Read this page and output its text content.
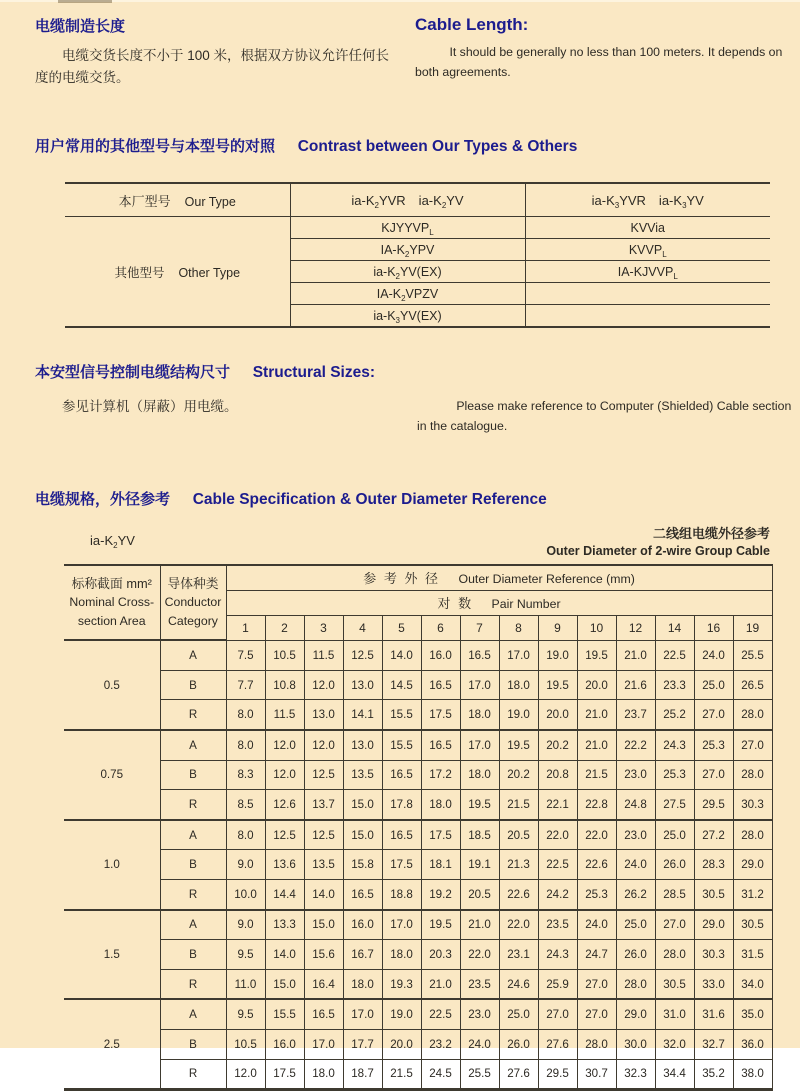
电缆制造长度

电缆交货长度不小于 100 米，根据双方协议允许任何长度的电缆交货。

Cable Length:

It should be generally no less than 100 meters. It depends on both agreements.

用户常用的其他型号与本型号的对照 Contrast between Our Types & Others
本厂型号 Our Type	$ia-K_2YVR$  $ia-K_2YV$	$ia-K_3YVR$  $ia-K_3YV$
其他型号 Other Type	$KJYYVP_L$	KVVia
	$IA-K_2YPV$	$KVVP_L$
	$ia-K_2YV(EX)$	$IA-KJVVP_L$
	$IA-K_2VPZV$	
	$ia-K_3YV(EX)$	
本安型信号控制电缆结构尺寸 Structural Sizes:

参见计算机（屏蔽）用电缆。	Please make reference to Computer (Shielded) Cable section in the catalogue.

电缆规格，外径参考 Cable Specification & Outer Diameter Reference
$ia-K_2YV$	二线组电缆外径参考
Outer Diameter of 2-wire Group Cable
标称截面 mm²
Nominal Cross-
section Area	导体种类
Conductor
Category	参 考 外 径 Outer Diameter Reference (mm)													
		对 数 Pair Number													
		1	2	3	4	5	6	7	8	9	10	12	14	16	19
0.5	A	7.5	10.5	11.5	12.5	14.0	16.0	16.5	17.0	19.0	19.5	21.0	22.5	24.0	25.5
	B	7.7	10.8	12.0	13.0	14.5	16.5	17.0	18.0	19.5	20.0	21.6	23.3	25.0	26.5
	R	8.0	11.5	13.0	14.1	15.5	17.5	18.0	19.0	20.0	21.0	23.7	25.2	27.0	28.0
0.75	A	8.0	12.0	12.0	13.0	15.5	16.5	17.0	19.5	20.2	21.0	22.2	24.3	25.3	27.0
	B	8.3	12.0	12.5	13.5	16.5	17.2	18.0	20.2	20.8	21.5	23.0	25.3	27.0	28.0
	R	8.5	12.6	13.7	15.0	17.8	18.0	19.5	21.5	22.1	22.8	24.8	27.5	29.5	30.3
1.0	A	8.0	12.5	12.5	15.0	16.5	17.5	18.5	20.5	22.0	22.0	23.0	25.0	27.2	28.0
	B	9.0	13.6	13.5	15.8	17.5	18.1	19.1	21.3	22.5	22.6	24.0	26.0	28.3	29.0
	R	10.0	14.4	14.0	16.5	18.8	19.2	20.5	22.6	24.2	25.3	26.2	28.5	30.5	31.2
1.5	A	9.0	13.3	15.0	16.0	17.0	19.5	21.0	22.0	23.5	24.0	25.0	27.0	29.0	30.5
	B	9.5	14.0	15.6	16.7	18.0	20.3	22.0	23.1	24.3	24.7	26.0	28.0	30.3	31.5
	R	11.0	15.0	16.4	18.0	19.3	21.0	23.5	24.6	25.9	27.0	28.0	30.5	33.0	34.0
2.5	A	9.5	15.5	16.5	17.0	19.0	22.5	23.0	25.0	27.0	27.0	29.0	31.0	31.6	35.0
	B	10.5	16.0	17.0	17.7	20.0	23.2	24.0	26.0	27.6	28.0	30.0	32.0	32.7	36.0
	R	12.0	17.5	18.0	18.7	21.5	24.5	25.5	27.6	29.5	30.7	32.3	34.4	35.2	38.0
